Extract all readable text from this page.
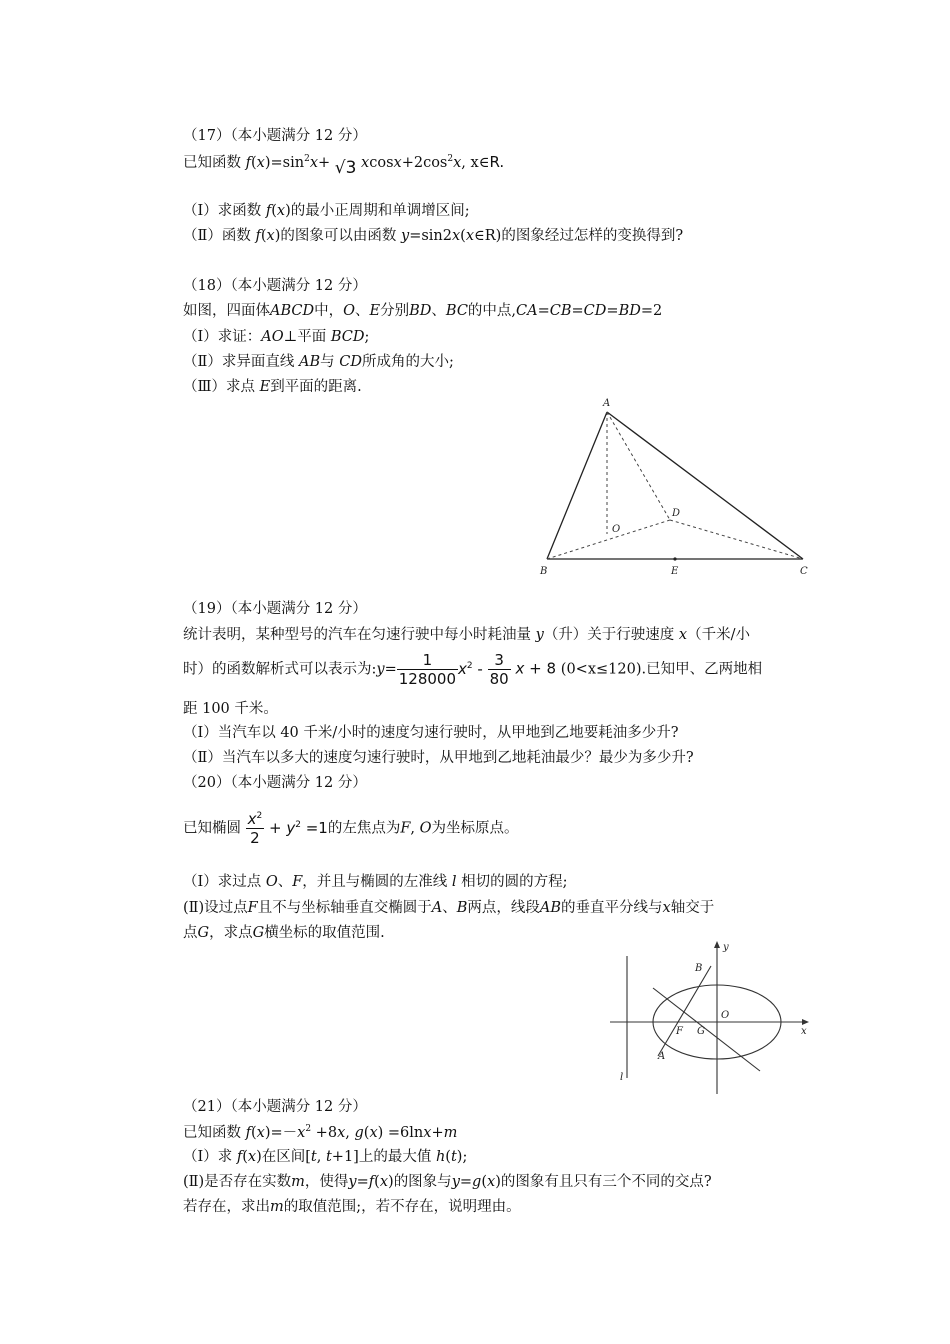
（17）（本小题满分 12 分）
已知函数 $f(x)=\sin^2x+ √3$ $xcosx+2\cos^2x$, x∈R.
（Ⅰ）求函数 f(x)的最小正周期和单调增区间;
（Ⅱ）函数 f(x)的图象可以由函数 y=sin2x(x∈R)的图象经过怎样的变换得到?
（18）（本小题满分 12 分）
如图，四面体ABCD中，O、E分别BD、BC的中点,CA=CB=CD=BD=2
（Ⅰ）求证：AO⊥平面 BCD;
（Ⅱ）求异面直线 AB与 CD所成角的大小;
（Ⅲ）求点 E到平面的距离.
A
B	C
D
E
O
（19）（本小题满分 12 分）
统计表明，某种型号的汽车在匀速行驶中每小时耗油量 y（升）关于行驶速度 x（千米/小
时）的函数解析式可以表示为:y= $\frac{1}{128000} x^2 - \frac{3}{80}$ x + 8 (0<x≤120).已知甲、乙两地相
距 100 千米。
（Ⅰ）当汽车以 40 千米/小时的速度匀速行驶时，从甲地到乙地要耗油多少升?
（Ⅱ）当汽车以多大的速度匀速行驶时，从甲地到乙地耗油最少？最少为多少升?
（20）（本小题满分 12 分）
已知椭圆 $\frac{x^2}{2} + y^2 =1$的左焦点为F, O为坐标原点。
（Ⅰ）求过点 O、F，并且与椭圆的左准线 l 相切的圆的方程;
(Ⅱ)设过点F且不与坐标轴垂直交椭圆于A、B两点，线段AB的垂直平分线与x轴交于
点G，求点G横坐标的取值范围.
y
x
B
O
F G
A
l
（21）（本小题满分 12 分）
已知函数 $f(x)=-x^2 +8x$, g(x) =6lnx+m
（Ⅰ）求 f(x)在区间[t, t+1]上的最大值 h(t);
(Ⅱ)是否存在实数m，使得y=f(x)的图象与y=g(x)的图象有且只有三个不同的交点?
若存在，求出m的取值范围;，若不存在，说明理由。
